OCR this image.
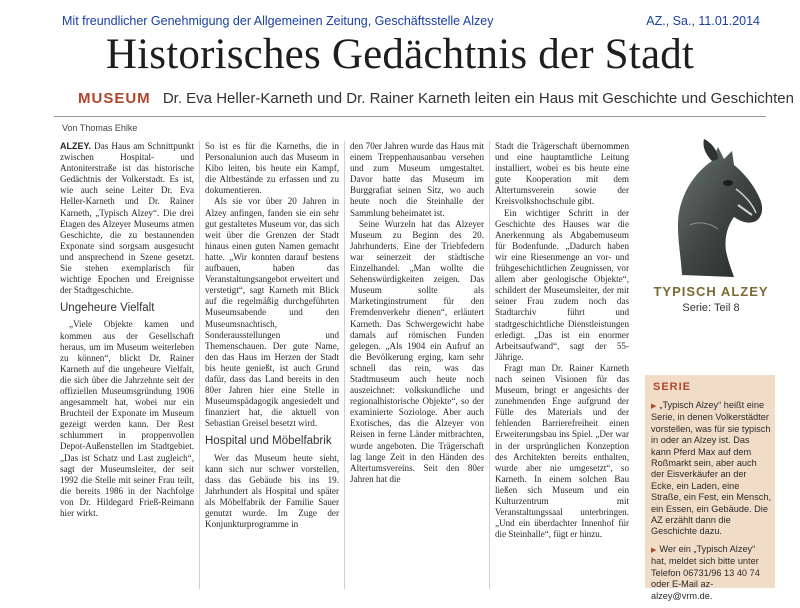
Mit freundlicher Genehmigung der Allgemeinen Zeitung, Geschäftsstelle Alzey	AZ., Sa., 11.01.2014
Historisches Gedächtnis der Stadt
MUSEUM Dr. Eva Heller-Karneth und Dr. Rainer Karneth leiten ein Haus mit Geschichte und Geschichten
Von Thomas Ehlke

ALZEY. Das Haus am Schnittpunkt zwischen Hospital- und Antoniterstraße ist das historische Gedächtnis der Volkerstadt. Es ist, wie auch seine Leiter Dr. Eva Heller-Karneth und Dr. Rainer Karneth, „Typisch Alzey“. Die drei Etagen des Alzeyer Museums atmen Geschichte, die zu bestaunenden Exponate sind sorgsam ausgesucht und ansprechend in Szene gesetzt. Sie stehen exemplarisch für wichtige Epochen und Ereignisse der Stadtgeschichte.

Ungeheure Vielfalt

„Viele Objekte kamen und kommen aus der Gesellschaft heraus, um im Museum weiterleben zu können“, blickt Dr. Rainer Karneth auf die ungeheure Vielfalt, die sich über die Jahrzehnte seit der offiziellen Museumsgründung 1906 angesammelt hat, wobei nur ein Bruchteil der Exponate im Museum gezeigt werden kann. Der Rest schlummert in proppenvollen Depot-Außenstellen im Stadtgebiet. „Das ist Schatz und Last zugleich“, sagt der Museumsleiter, der seit 1992 die Stelle mit seiner Frau teilt, die bereits 1986 in der Nachfolge von Dr. Hildegard Frieß-Reimann hier wirkt.

So ist es für die Karneths, die in Personalunion auch das Museum in Kibo leiten, bis heute ein Kampf, die Altbestände zu erfassen und zu dokumentieren.

Als sie vor über 20 Jahren in Alzey anfingen, fanden sie ein sehr gut gestaltetes Museum vor, das sich weit über die Grenzen der Stadt hinaus einen guten Namen gemacht hatte. „Wir konnten darauf bestens aufbauen, haben das Veranstaltungsangebot erweitert und verstetigt“, sagt Karneth mit Blick auf die regelmäßig durchgeführten Museumsabende und den Museumsnachtisch, Sonderausstellungen und Themenschauen. Der gute Name, den das Haus im Herzen der Stadt bis heute genießt, ist auch Grund dafür, dass das Land bereits in den 80er Jahren hier eine Stelle in Museumspädagogik angesiedelt und finanziert hat, die aktuell von Sebastian Greisel besetzt wird.

Hospital und Möbelfabrik

Wer das Museum heute sieht, kann sich nur schwer vorstellen, dass das Gebäude bis ins 19. Jahrhundert als Hospital und später als Möbelfabrik der Familie Sauer genutzt wurde. Im Zuge der Konjunkturprogramme in

den 70er Jahren wurde das Haus mit einem Treppenhausanbau versehen und zum Museum umgestaltet. Davor hatte das Museum im Burggrafiat seinen Sitz, wo auch heute noch die Steinhalle der Sammlung beheimatet ist.

Seine Wurzeln hat das Alzeyer Museum zu Beginn des 20. Jahrhunderts. Eine der Triebfedern war seinerzeit der städtische Einzelhandel. „Man wollte die Sehenswürdigkeiten zeigen. Das Museum sollte als Marketinginstrument für den Fremdenverkehr dienen“, erläutert Karneth. Das Schwergewicht habe damals auf römischen Funden gelegen. „Als 1904 ein Aufruf an die Bevölkerung erging, kam sehr schnell das rein, was das Stadtmuseum auch heute noch auszeichnet: volkskundliche und regionalhistorische Objekte“, so der examinierte Soziologe. Aber auch Exotisches, das die Alzeyer von Reisen in ferne Länder mitbrachten, wurde angeboten. Die Trägerschaft lag lange Zeit in den Händen des Altertumsvereins. Seit den 80er Jahren hat die

Stadt die Trägerschaft übernommen und eine hauptamtliche Leitung installiert, wobei es bis heute eine gute Kooperation mit dem Altertumsverein sowie der Kreisvolkshochschule gibt.

Ein wichtiger Schritt in der Geschichte des Hauses war die Anerkennung als Abgabemuseum für Bodenfunde. „Dadurch haben wir eine Riesenmenge an vor- und frühgeschichtlichen Zeugnissen, vor allem aber geologische Objekte“, schildert der Museumsleiter, der mit seiner Frau zudem noch das Stadtarchiv führt und stadtgeschichtliche Dienstleistungen erledigt. „Das ist ein enormer Arbeitsaufwand“, sagt der 55-Jährige.

Fragt man Dr. Rainer Karneth nach seinen Visionen für das Museum, bringt er angesichts der zunehmenden Enge aufgrund der Fülle des Materials und der fehlenden Barrierefreiheit einen Erweiterungsbau ins Spiel. „Der war in der ursprünglichen Konzeption des Architekten bereits enthalten, wurde aber nie umgesetzt“, so Karneth. In einem solchen Bau ließen sich Museum und ein Kulturzentrum mit Veranstaltungssaal unterbringen. „Und ein überdachter Innenhof für die Steinhalle“, fügt er hinzu.

TYPISCH ALZEY
Serie: Teil 8
SERIE

▶ „Typisch Alzey“ heißt eine Serie, in denen Volkerstädter vorstellen, was für sie typisch in oder an Alzey ist. Das kann Pferd Max auf dem Roßmarkt sein, aber auch der Eisverkäufer an der Ecke, ein Laden, eine Straße, ein Fest, ein Mensch, ein Essen, ein Gebäude. Die AZ erzählt dann die Geschichte dazu.

▶ Wer ein „Typisch Alzey“ hat, meldet sich bitte unter Telefon 06731/96 13 40 74 oder E-Mail az-alzey@vrm.de.
